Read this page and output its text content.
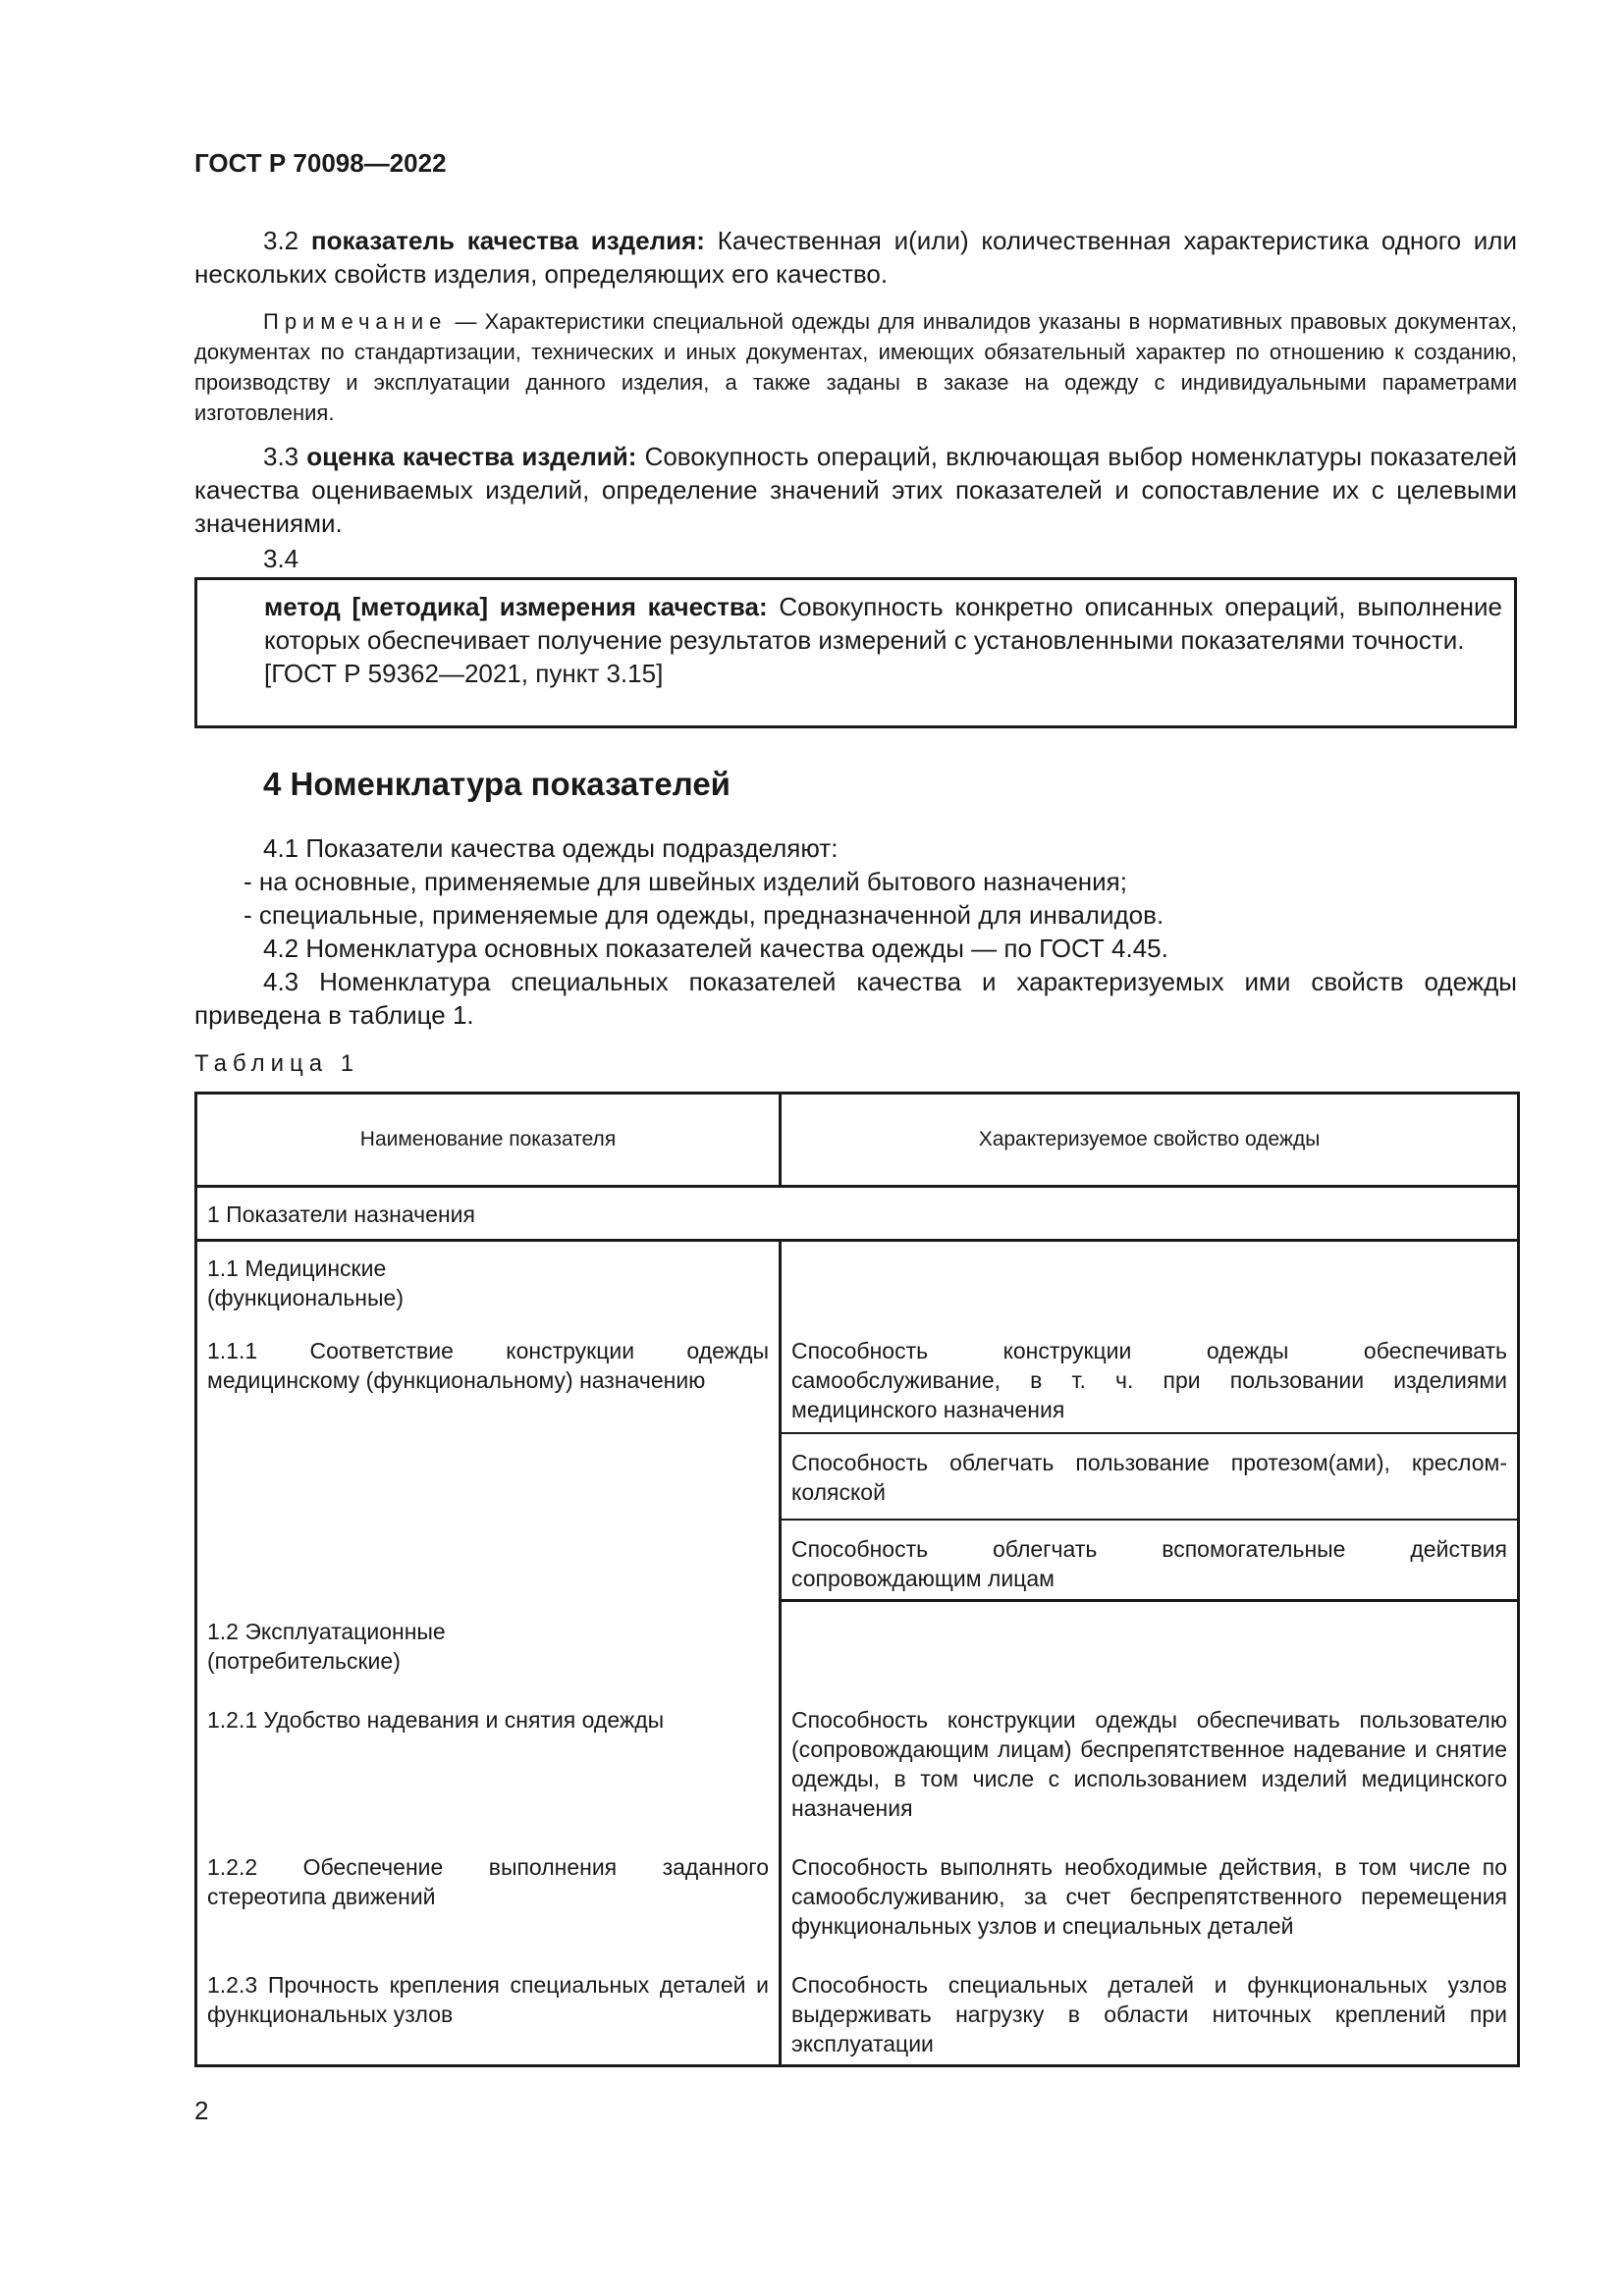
ГОСТ Р 70098—2022
3.2 показатель качества изделия: Качественная и(или) количественная характеристика одного или нескольких свойств изделия, определяющих его качество.
Примечание — Характеристики специальной одежды для инвалидов указаны в нормативных правовых документах, документах по стандартизации, технических и иных документах, имеющих обязательный характер по отношению к созданию, производству и эксплуатации данного изделия, а также заданы в заказе на одежду с индивидуальными параметрами изготовления.
3.3 оценка качества изделий: Совокупность операций, включающая выбор номенклатуры показателей качества оцениваемых изделий, определение значений этих показателей и сопоставление их с целевыми значениями.
3.4
метод [методика] измерения качества: Совокупность конкретно описанных операций, выполнение которых обеспечивает получение результатов измерений с установленными показателями точности.
[ГОСТ Р 59362—2021, пункт 3.15]
4 Номенклатура показателей
4.1 Показатели качества одежды подразделяют:
- на основные, применяемые для швейных изделий бытового назначения;
- специальные, применяемые для одежды, предназначенной для инвалидов.
4.2 Номенклатура основных показателей качества одежды — по ГОСТ 4.45.
4.3 Номенклатура специальных показателей качества и характеризуемых ими свойств одежды приведена в таблице 1.
Таблица 1
Наименование показателя	Характеризуемое свойство одежды
1 Показатели назначения	
1.1 Медицинские
(функциональные)	
1.1.1 Соответствие конструкции одежды медицинскому (функциональному) назначению	Способность конструкции одежды обеспечивать самообслуживание, в т. ч. при пользовании изделиями медицинского назначения
	Способность облегчать пользование протезом(ами), креслом-коляской
	Способность облегчать вспомогательные действия сопровождающим лицам
1.2 Эксплуатационные
(потребительские)	
1.2.1 Удобство надевания и снятия одежды	Способность конструкции одежды обеспечивать пользователю (сопровождающим лицам) беспрепятственное надевание и снятие одежды, в том числе с использованием изделий медицинского назначения
1.2.2 Обеспечение выполнения заданного стереотипа движений	Способность выполнять необходимые действия, в том числе по самообслуживанию, за счет беспрепятственного перемещения функциональных узлов и специальных деталей
1.2.3 Прочность крепления специальных деталей и функциональных узлов	Способность специальных деталей и функциональных узлов выдерживать нагрузку в области ниточных креплений при эксплуатации
2
